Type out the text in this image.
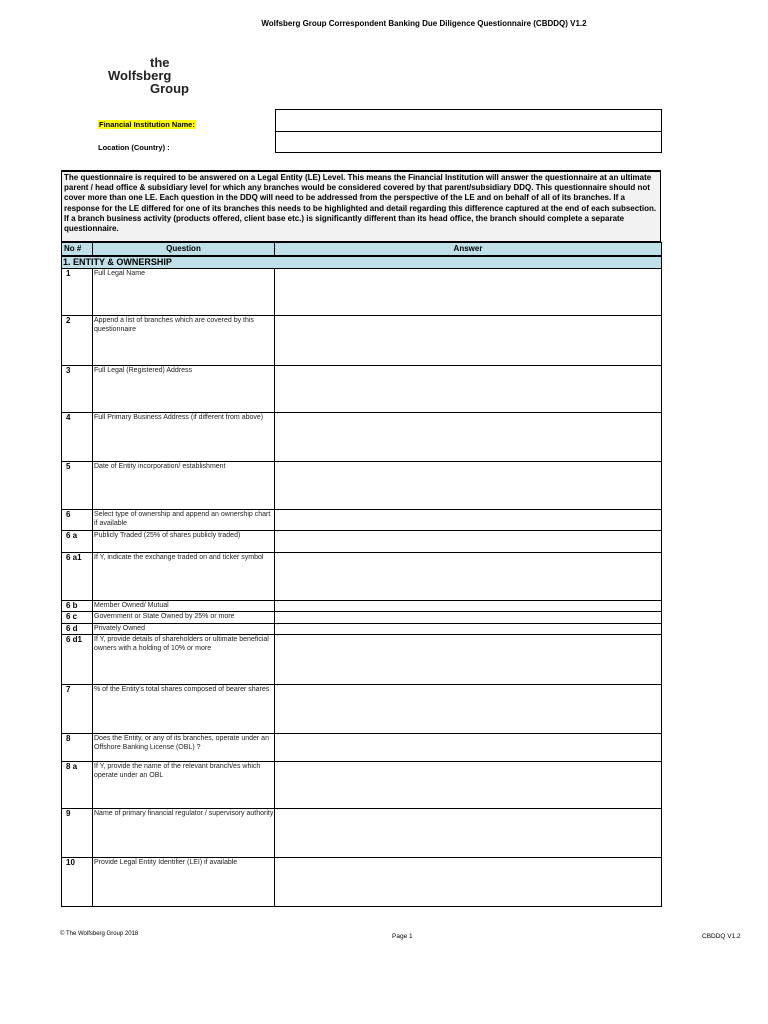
Wolfsberg Group Correspondent Banking Due Diligence Questionnaire (CBDDQ) V1.2
the
Wolfsberg
Group
Financial Institution Name:
Location (Country) :
The questionnaire is required to be answered on a Legal Entity (LE) Level. This means the Financial Institution will answer the questionnaire at an ultimate parent / head office & subsidiary level for which any branches would be considered covered by that parent/subsidiary DDQ. This questionnaire should not cover more than one LE. Each question in the DDQ will need to be addressed from the perspective of the LE and on behalf of all of its branches. If a response for the LE differed for one of its branches this needs to be highlighted and detail regarding this difference captured at the end of each subsection. If a branch business activity (products offered, client base etc.) is significantly different than its head office, the branch should complete a separate questionnaire.
No #	Question	Answer
1. ENTITY & OWNERSHIP		
1	Full Legal Name	`

2	Append a list of branches which are covered by this questionnaire	

3	Full Legal (Registered) Address	

4	Full Primary Business Address (if different from above)	`

5	Date of Entity incorporation/ establishment	`

6	Select type of ownership and append an ownership chart if available	`

6 a	Publicly Traded (25% of shares publicly traded)	`

6 a1	If Y, indicate the exchange traded on and ticker symbol	`

6 b	Member Owned/ Mutual	`

6 c	Government or State Owned by 25% or more	`

6 d	Privately Owned	`

6 d1	If Y, provide details of shareholders or ultimate beneficial owners with a holding of 10% or more	`

7	% of the Entity's total shares composed of bearer shares	`

8	Does the Entity, or any of its branches, operate under an Offshore Banking License (OBL) ?	`

8 a	If Y, provide the name of the relevant branch/es which operate under an OBL	`

9	Name of primary financial regulator / supervisory authority	`

10	Provide Legal Entity Identifier (LEI) if available	`
© The Wolfsberg Group 2018	Page 1	CBDDQ V1.2
